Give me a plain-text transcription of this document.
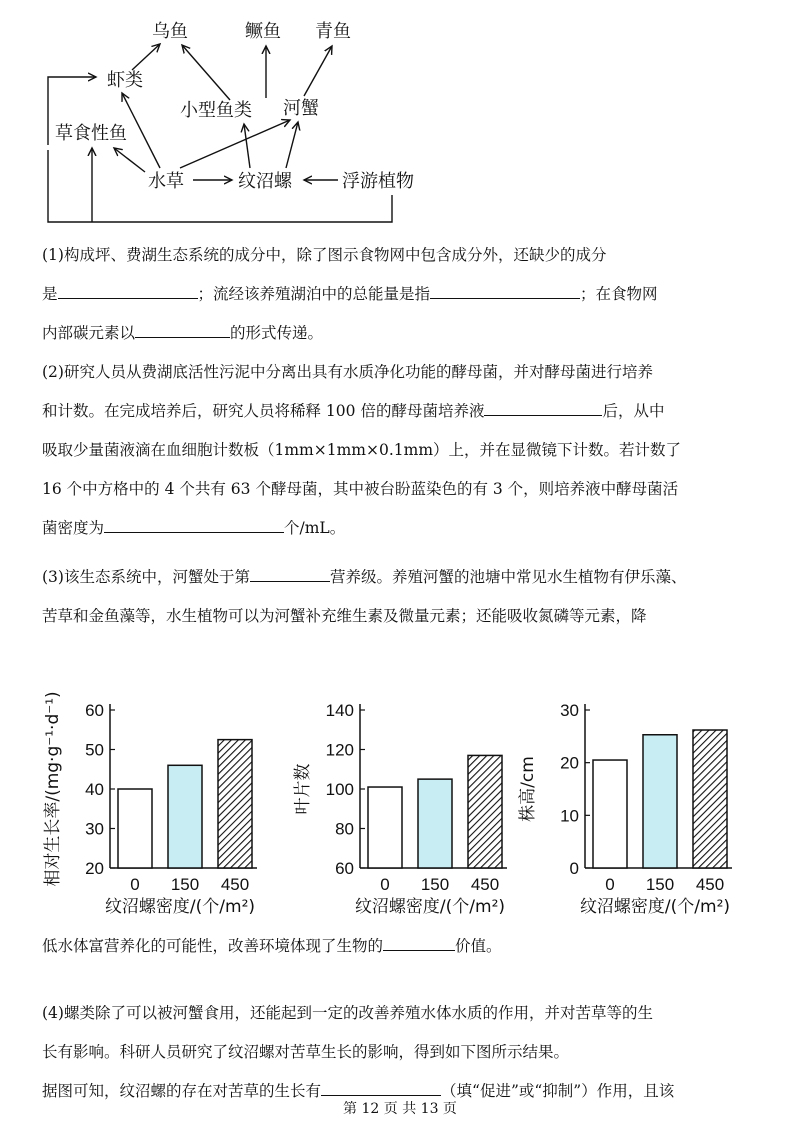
乌鱼	鳜鱼 青鱼
虾类
小型鱼类 河蟹
草食性鱼
水草	纹沼螺	浮游植物
(1)构成坪、费湖生态系统的成分中，除了图示食物网中包含成分外，还缺少的成分
是	；流经该养殖湖泊中的总能量是指	；在食物网
内部碳元素以	的形式传递。
(2)研究人员从费湖底活性污泥中分离出具有水质净化功能的酵母菌，并对酵母菌进行培养
和计数。在完成培养后，研究人员将稀释 100 倍的酵母菌培养液	后，从中
吸取少量菌液滴在血细胞计数板（1mm×1mm×0.1mm）上，并在显微镜下计数。若计数了
16 个中方格中的 4 个共有 63 个酵母菌，其中被台盼蓝染色的有 3 个，则培养液中酵母菌活
菌密度为	个/mL。
(3)该生态系统中，河蟹处于第	营养级。养殖河蟹的池塘中常见水生植物有伊乐藻、
苦草和金鱼藻等，水生植物可以为河蟹补充维生素及微量元素；还能吸收氮磷等元素，降
低水体富营养化的可能性，改善环境体现了生物的	价值。
(4)螺类除了可以被河蟹食用，还能起到一定的改善养殖水体水质的作用，并对苦草等的生
长有影响。科研人员研究了纹沼螺对苦草生长的影响，得到如下图所示结果。
据图可知，纹沼螺的存在对苦草的生长有	（填“促进”或“抑制”）作用，且该
60
50
40
30
20
0 150 450
纹沼螺密度/(个/m²)
相对生长率/(mg·g⁻¹·d⁻¹)	140
120
100
80
60
0 150 450
纹沼螺密度/(个/m²)
叶片数
30
20
10
0
0 150 450
纹沼螺密度/(个/m²)
株高/cm
第 12 页 共 13 页
